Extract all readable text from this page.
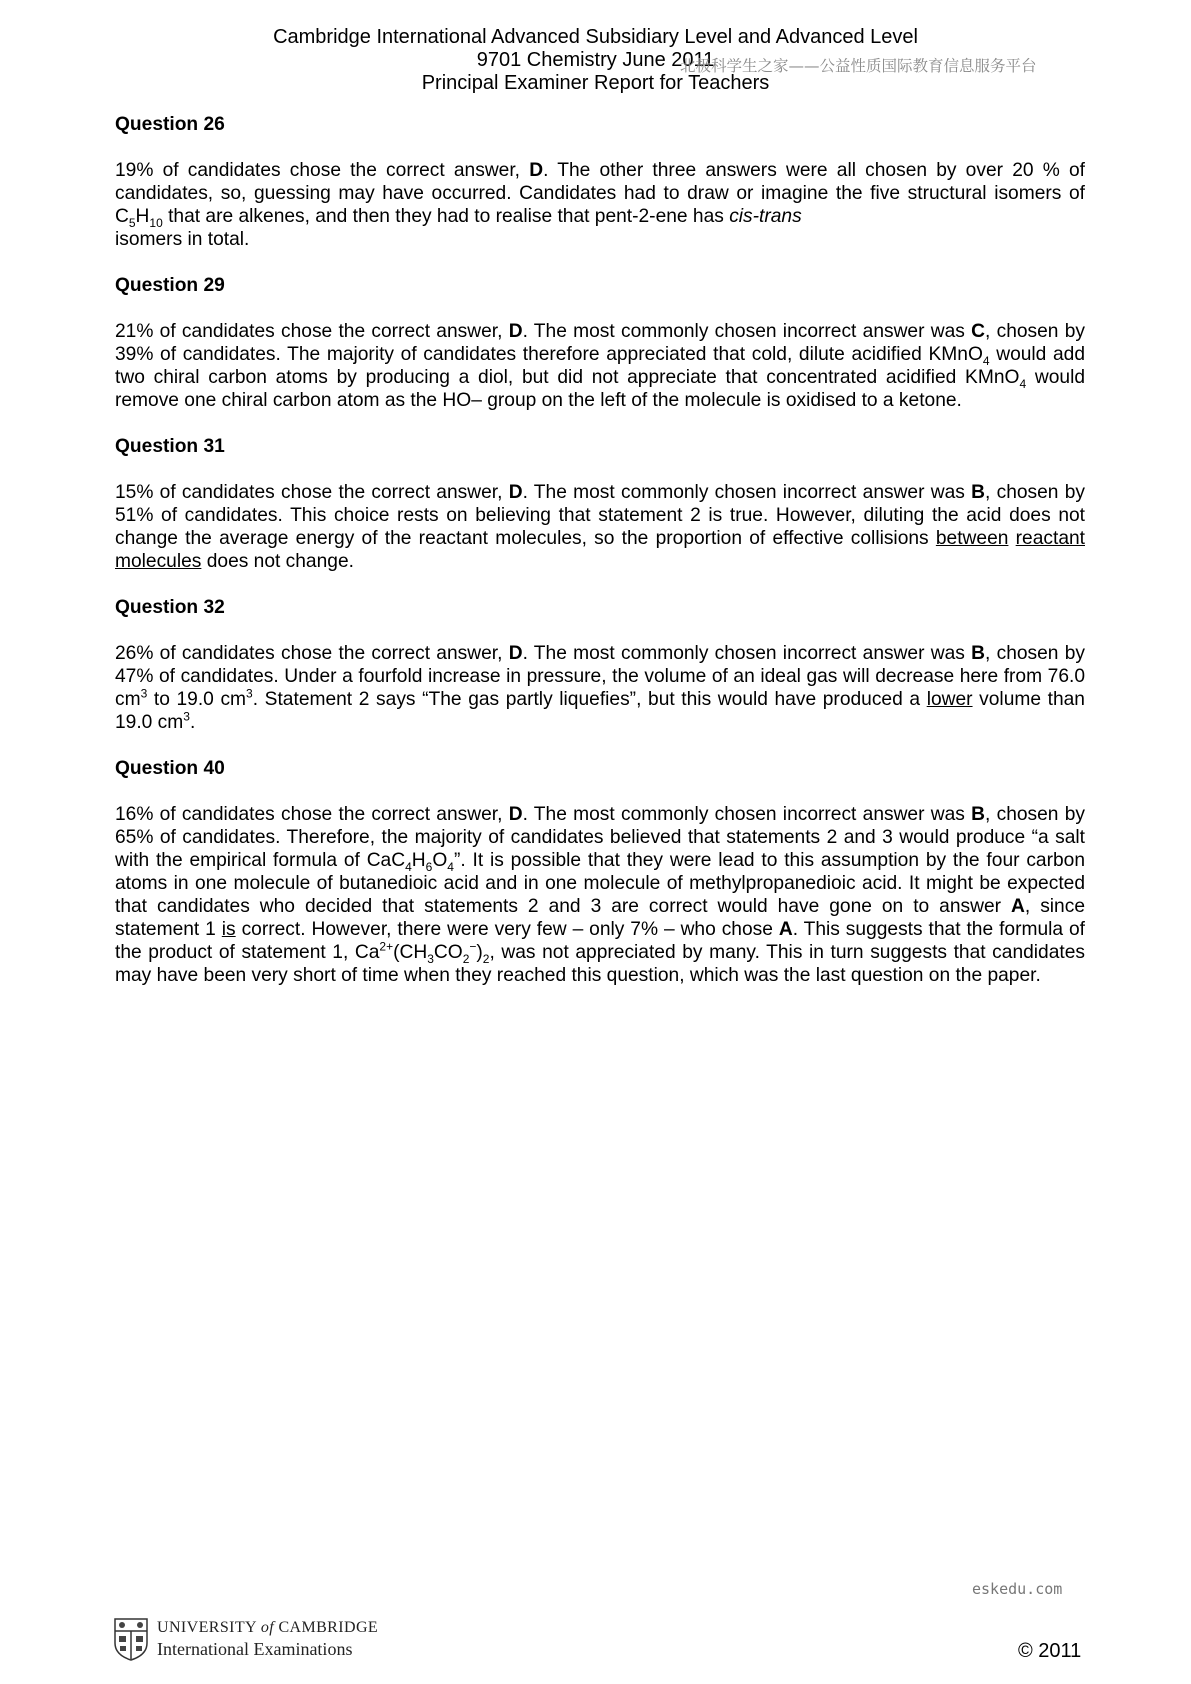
Cambridge International Advanced Subsidiary Level and Advanced Level
9701 Chemistry June 2011
Principal Examiner Report for Teachers
北极科学生之家——公益性质国际教育信息服务平台

Question 26

19% of candidates chose the correct answer, D. The other three answers were all chosen by over 20 % of candidates, so, guessing may have occurred. Candidates had to draw or imagine the five structural isomers of $C_5H_{10}$ that are alkenes, and then they had to realise that pent-2-ene has cis-trans
isomers in total.

Question 29

21% of candidates chose the correct answer, D. The most commonly chosen incorrect answer was C, chosen by 39% of candidates. The majority of candidates therefore appreciated that cold, dilute acidified KMnO$_4$ would add two chiral carbon atoms by producing a diol, but did not appreciate that concentrated acidified KMnO$_4$ would remove one chiral carbon atom as the HO– group on the left of the molecule is oxidised to a ketone.

Question 31

15% of candidates chose the correct answer, D. The most commonly chosen incorrect answer was B, chosen by 51% of candidates. This choice rests on believing that statement 2 is true. However, diluting the acid does not change the average energy of the reactant molecules, so the proportion of effective collisions between reactant molecules does not change.

Question 32

26% of candidates chose the correct answer, D. The most commonly chosen incorrect answer was B, chosen by 47% of candidates. Under a fourfold increase in pressure, the volume of an ideal gas will decrease here from 76.0 $cm^3$ to 19.0 $cm^3$. Statement 2 says “The gas partly liquefies”, but this would have produced a lower volume than 19.0 $cm^3$.

Question 40

16% of candidates chose the correct answer, D. The most commonly chosen incorrect answer was B, chosen by 65% of candidates. Therefore, the majority of candidates believed that statements 2 and 3 would produce “a salt with the empirical formula of $CaC_4H_6O_4$”. It is possible that they were lead to this assumption by the four carbon atoms in one molecule of butanedioic acid and in one molecule of methylpropanedioic acid. It might be expected that candidates who decided that statements 2 and 3 are correct would have gone on to answer A, since statement 1 is correct. However, there were very few – only 7% – who chose A. This suggests that the formula of the product of statement 1, $Ca^{2+}(CH_3CO_2^-)_2$, was not appreciated by many. This in turn suggests that candidates may have been very short of time when they reached this question, which was the last question on the paper.

eskedu.com
UNIVERSITY of CAMBRIDGE
International Examinations	© 2011
